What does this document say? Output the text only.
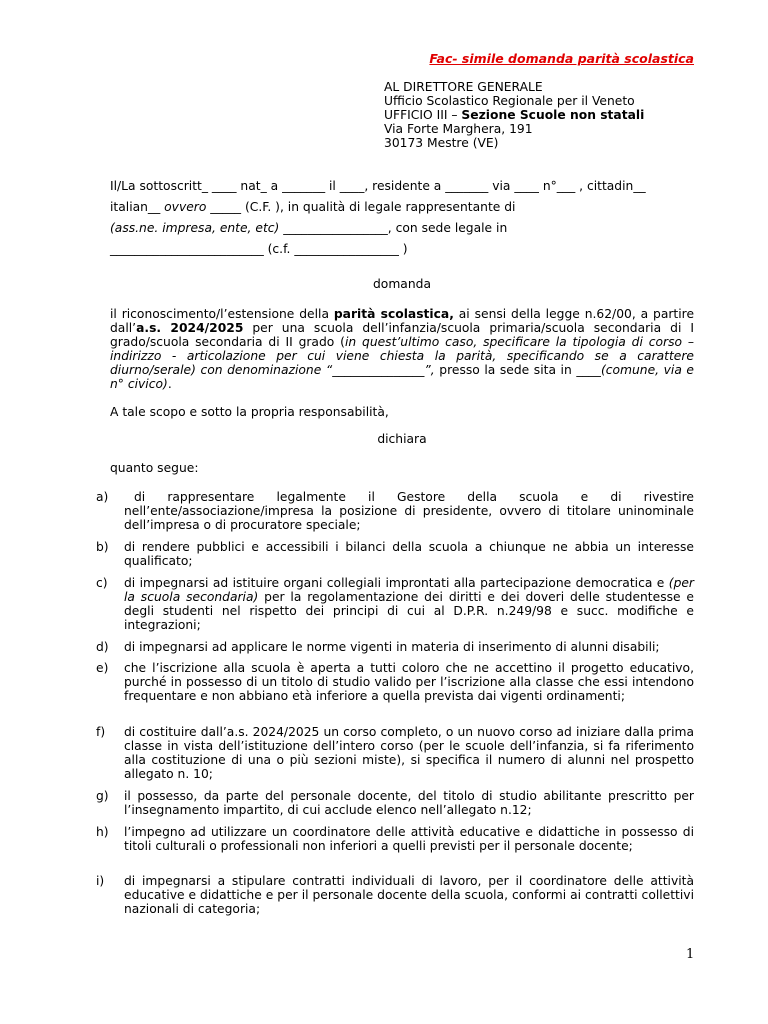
Fac- simile domanda parità scolastica
AL DIRETTORE GENERALE
Ufficio Scolastico Regionale per il Veneto
UFFICIO III – Sezione Scuole non statali
Via Forte Marghera, 191
30173 Mestre (VE)
Il/La sottoscritt_ ____ nat_ a _______ il ____, residente a _______ via ____ n°___ , cittadin__
italian__ ovvero _____ (C.F. ), in qualità di legale rappresentante di
(ass.ne. impresa, ente, etc) _________________, con sede legale in
_________________________ (c.f. _________________ )
domanda
il riconoscimento/l’estensione della parità scolastica, ai sensi della legge n.62/00, a partire dall’a.s. 2024/2025 per una scuola dell’infanzia/scuola primaria/scuola secondaria di I grado/scuola secondaria di II grado (in quest’ultimo caso, specificare la tipologia di corso – indirizzo - articolazione per cui viene chiesta la parità, specificando se a carattere diurno/serale) con denominazione “_______________”, presso la sede sita in ____(comune, via e n° civico).
A tale scopo e sotto la propria responsabilità,
dichiara
quanto segue:
a)	di rappresentare legalmente il Gestore della scuola e di rivestire nell’ente/associazione/impresa la posizione di presidente, ovvero di titolare uninominale dell’impresa o di procuratore speciale;
b)	di rendere pubblici e accessibili i bilanci della scuola a chiunque ne abbia un interesse qualificato;
c)	di impegnarsi ad istituire organi collegiali improntati alla partecipazione democratica e (per la scuola secondaria) per la regolamentazione dei diritti e dei doveri delle studentesse e degli studenti nel rispetto dei principi di cui al D.P.R. n.249/98 e succ. modifiche e integrazioni;
d)	di impegnarsi ad applicare le norme vigenti in materia di inserimento di alunni disabili;
e)	che l’iscrizione alla scuola è aperta a tutti coloro che ne accettino il progetto educativo, purché in possesso di un titolo di studio valido per l’iscrizione alla classe che essi intendono frequentare e non abbiano età inferiore a quella prevista dai vigenti ordinamenti;
f)	di costituire dall’a.s. 2024/2025 un corso completo, o un nuovo corso ad iniziare dalla prima classe in vista dell’istituzione dell’intero corso (per le scuole dell’infanzia, si fa riferimento alla costituzione di una o più sezioni miste), si specifica il numero di alunni nel prospetto allegato n. 10;
g)	il possesso, da parte del personale docente, del titolo di studio abilitante prescritto per l’insegnamento impartito, di cui acclude elenco nell’allegato n.12;
h)	l’impegno ad utilizzare un coordinatore delle attività educative e didattiche in possesso di titoli culturali o professionali non inferiori a quelli previsti per il personale docente;
i)	di impegnarsi a stipulare contratti individuali di lavoro, per il coordinatore delle attività educative e didattiche e per il personale docente della scuola, conformi ai contratti collettivi nazionali di categoria;
1
